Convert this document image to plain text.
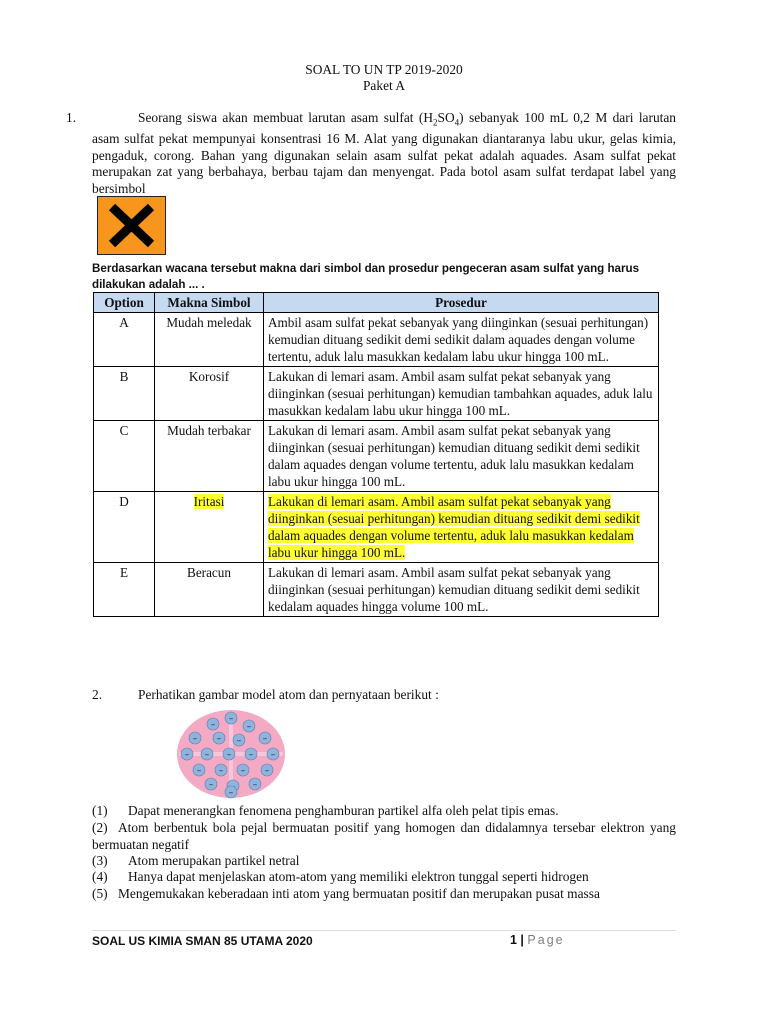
SOAL TO UN TP 2019-2020
Paket A
1.	Seorang siswa akan membuat larutan asam sulfat $(H_2SO_4)$ sebanyak 100 mL 0,2 M dari larutan asam sulfat pekat mempunyai konsentrasi 16 M. Alat yang digunakan diantaranya labu ukur, gelas kimia, pengaduk, corong. Bahan yang digunakan selain asam sulfat pekat adalah aquades. Asam sulfat pekat merupakan zat yang berbahaya, berbau tajam dan menyengat. Pada botol asam sulfat terdapat label yang bersimbol
Berdasarkan wacana tersebut makna dari simbol dan prosedur pengeceran asam sulfat yang harus dilakukan adalah ... .
Option	Makna Simbol	Prosedur
A	Mudah meledak	Ambil asam sulfat pekat sebanyak yang diinginkan (sesuai perhitungan) kemudian dituang sedikit demi sedikit dalam aquades dengan volume tertentu, aduk lalu masukkan kedalam labu ukur hingga 100 mL.
B	Korosif	Lakukan di lemari asam. Ambil asam sulfat pekat sebanyak yang diinginkan (sesuai perhitungan) kemudian tambahkan aquades, aduk lalu masukkan kedalam labu ukur hingga 100 mL.
C	Mudah terbakar	Lakukan di lemari asam. Ambil asam sulfat pekat sebanyak yang diinginkan (sesuai perhitungan) kemudian dituang sedikit demi sedikit dalam aquades dengan volume tertentu, aduk lalu masukkan kedalam labu ukur hingga 100 mL.
D	Iritasi	Lakukan di lemari asam. Ambil asam sulfat pekat sebanyak yang diinginkan (sesuai perhitungan) kemudian dituang sedikit demi sedikit dalam aquades dengan volume tertentu, aduk lalu masukkan kedalam labu ukur hingga 100 mL.
E	Beracun	Lakukan di lemari asam. Ambil asam sulfat pekat sebanyak yang diinginkan (sesuai perhitungan) kemudian dituang sedikit demi sedikit kedalam aquades hingga volume 100 mL.
2.	Perhatikan gambar model atom dan pernyataan berikut :
–
–	–
– – – –
– – – – –
– – – –
–	–
–
(1) Dapat menerangkan fenomena penghamburan partikel alfa oleh pelat tipis emas.
(2) Atom berbentuk bola pejal bermuatan positif yang homogen dan didalamnya tersebar elektron yang bermuatan negatif
(3) Atom merupakan partikel netral
(4) Hanya dapat menjelaskan atom-atom yang memiliki elektron tunggal seperti hidrogen
(5) Mengemukakan keberadaan inti atom yang bermuatan positif dan merupakan pusat massa
SOAL US KIMIA SMAN 85 UTAMA 2020	1 | Page
